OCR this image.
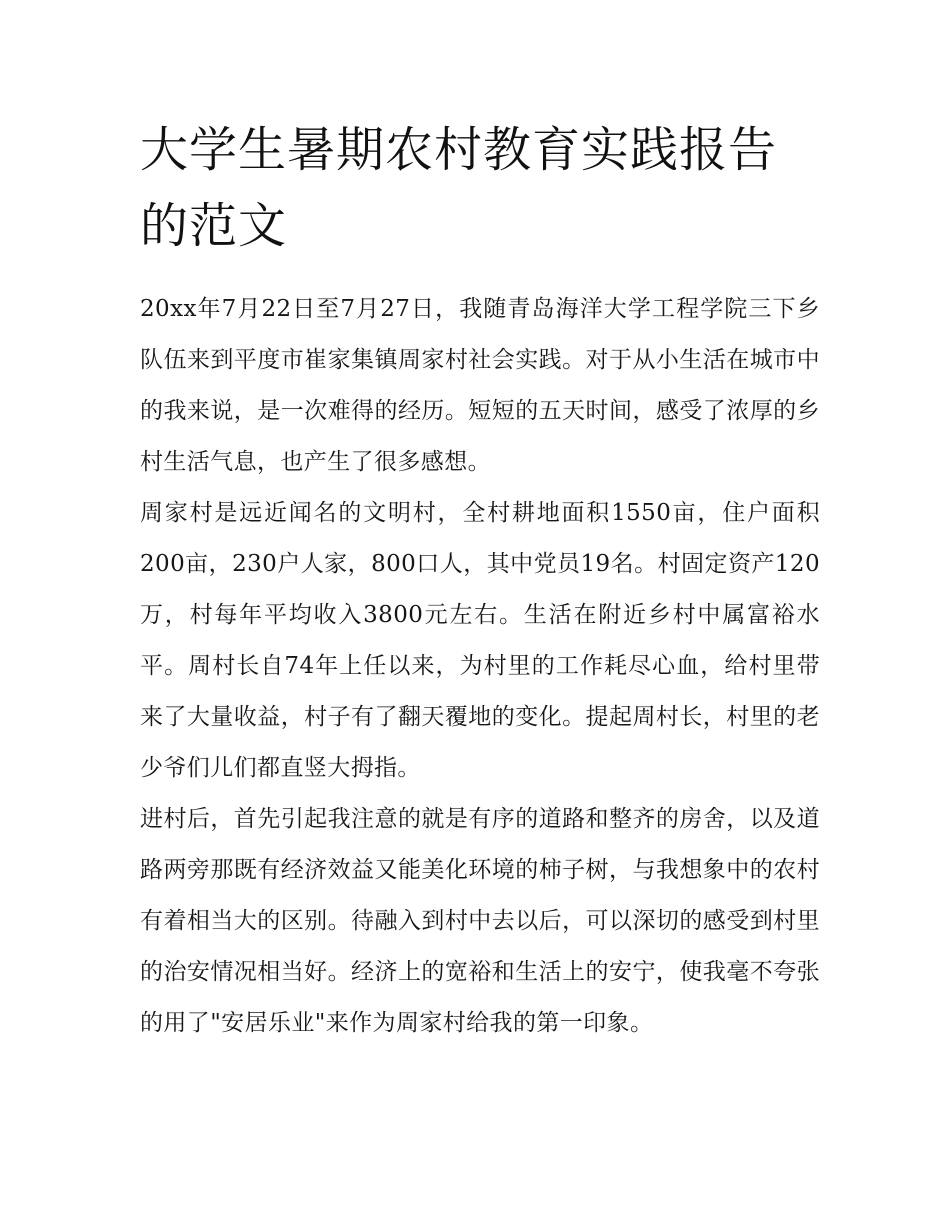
大学生暑期农村教育实践报告的范文

20xx年7月22日至7月27日，我随青岛海洋大学工程学院三下乡队伍来到平度市崔家集镇周家村社会实践。对于从小生活在城市中的我来说，是一次难得的经历。短短的五天时间，感受了浓厚的乡村生活气息，也产生了很多感想。

周家村是远近闻名的文明村，全村耕地面积1550亩，住户面积200亩，230户人家，800口人，其中党员19名。村固定资产120万，村每年平均收入3800元左右。生活在附近乡村中属富裕水平。周村长自74年上任以来，为村里的工作耗尽心血，给村里带来了大量收益，村子有了翻天覆地的变化。提起周村长，村里的老少爷们儿们都直竖大拇指。

进村后，首先引起我注意的就是有序的道路和整齐的房舍，以及道路两旁那既有经济效益又能美化环境的柿子树，与我想象中的农村有着相当大的区别。待融入到村中去以后，可以深切的感受到村里的治安情况相当好。经济上的宽裕和生活上的安宁，使我毫不夸张的用了"安居乐业"来作为周家村给我的第一印象。
